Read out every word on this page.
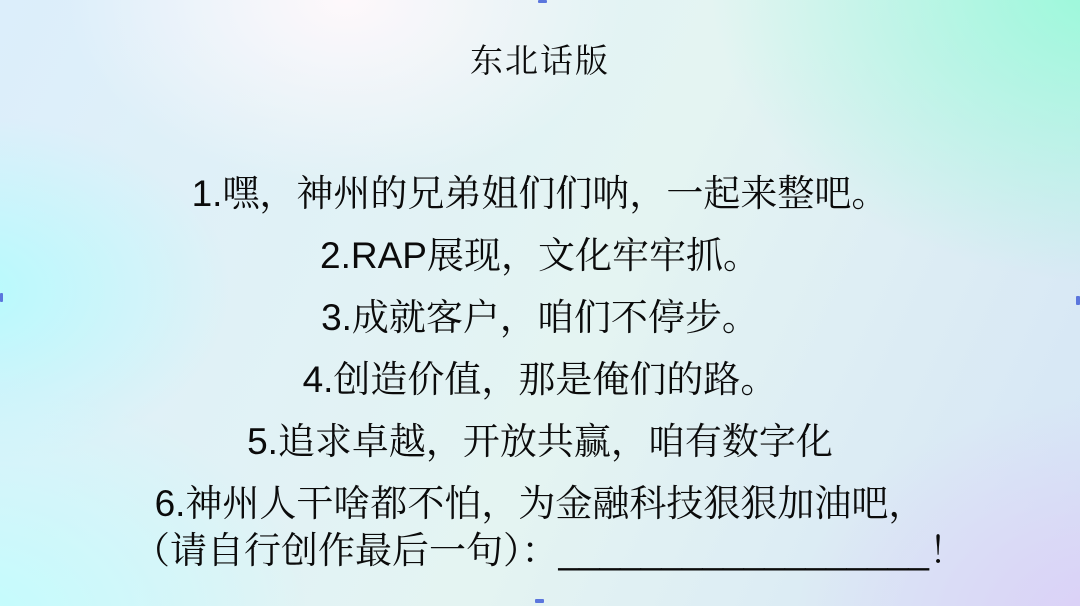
东北话版
1.嘿，神州的兄弟姐们们呐，一起来整吧。
2.RAP展现，文化牢牢抓。
3.成就客户，咱们不停步。
4.创造价值，那是俺们的路。
5.追求卓越，开放共赢，咱有数字化
6.神州人干啥都不怕，为金融科技狠狠加油吧，
（请自行创作最后一句）：__________________！
